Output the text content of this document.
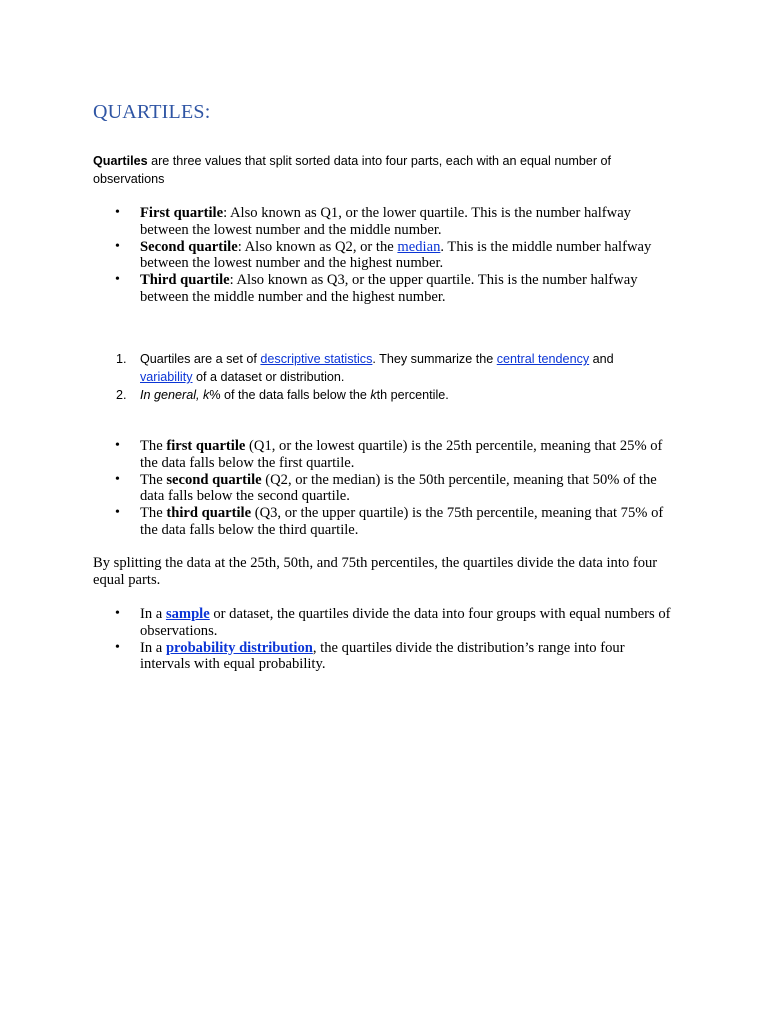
QUARTILES:

Quartiles are three values that split sorted data into four parts, each with an equal number of observations

• First quartile: Also known as Q1, or the lower quartile. This is the number halfway between the lowest number and the middle number.
• Second quartile: Also known as Q2, or the median. This is the middle number halfway between the lowest number and the highest number.
• Third quartile: Also known as Q3, or the upper quartile. This is the number halfway between the middle number and the highest number.
1. Quartiles are a set of descriptive statistics. They summarize the central tendency and variability of a dataset or distribution.
2. In general, k% of the data falls below the kth percentile.
• The first quartile (Q1, or the lowest quartile) is the 25th percentile, meaning that 25% of the data falls below the first quartile.
• The second quartile (Q2, or the median) is the 50th percentile, meaning that 50% of the data falls below the second quartile.
• The third quartile (Q3, or the upper quartile) is the 75th percentile, meaning that 75% of the data falls below the third quartile.

By splitting the data at the 25th, 50th, and 75th percentiles, the quartiles divide the data into four equal parts.

• In a sample or dataset, the quartiles divide the data into four groups with equal numbers of observations.
• In a probability distribution, the quartiles divide the distribution’s range into four intervals with equal probability.
